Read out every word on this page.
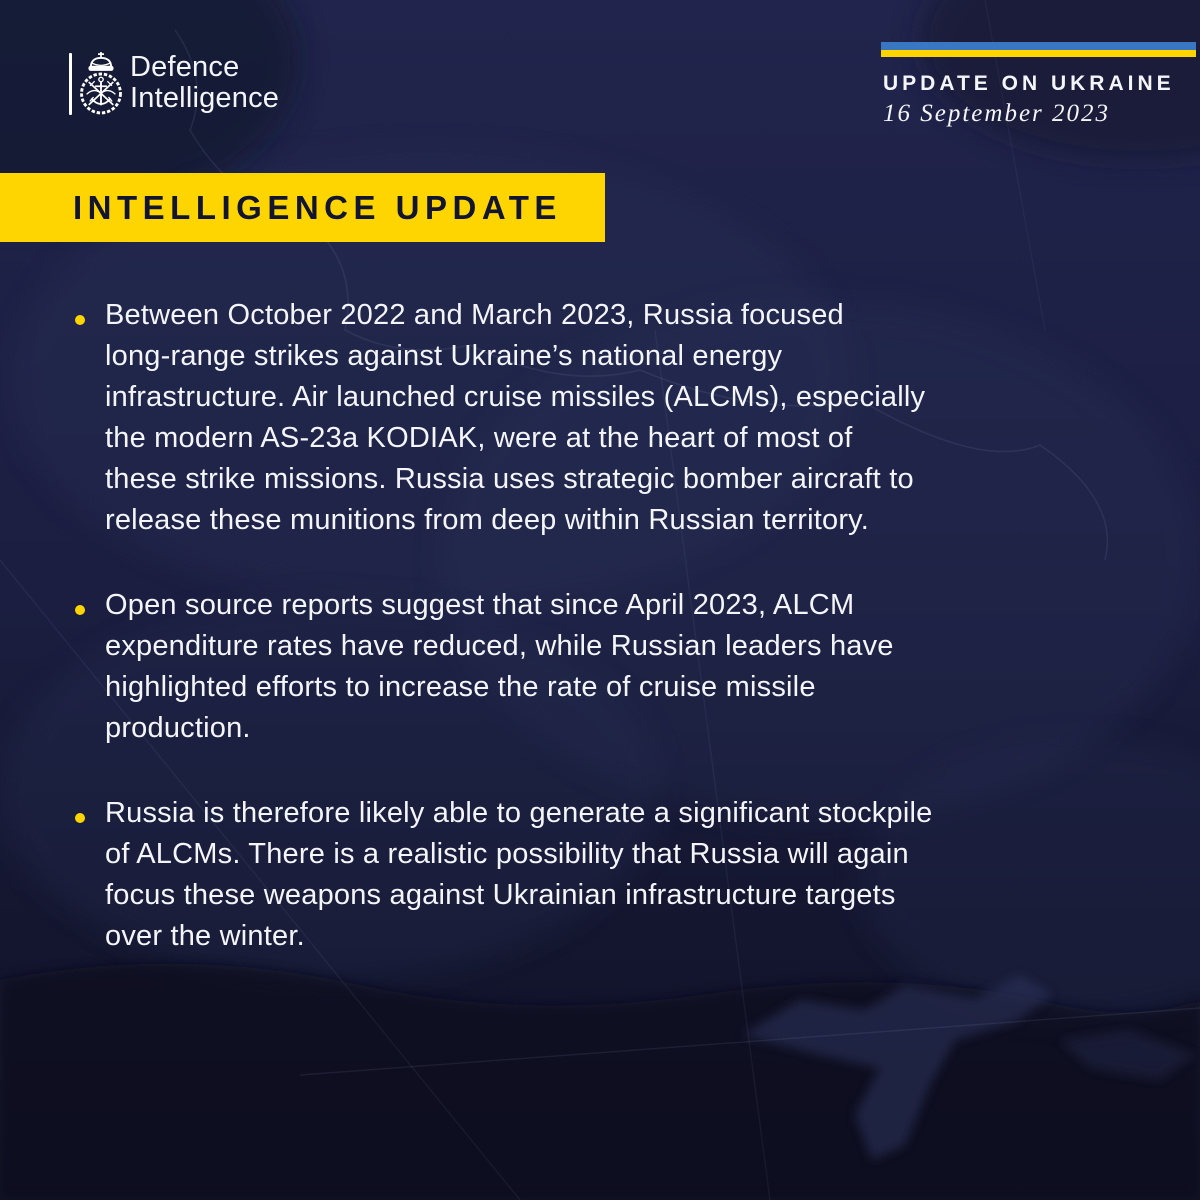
Defence
Intelligence	UPDATE ON UKRAINE
16 September 2023
INTELLIGENCE UPDATE
Between October 2022 and March 2023, Russia focused
long-range strikes against Ukraine’s national energy
infrastructure. Air launched cruise missiles (ALCMs), especially
the modern AS-23a KODIAK, were at the heart of most of
these strike missions. Russia uses strategic bomber aircraft to
release these munitions from deep within Russian territory.
Open source reports suggest that since April 2023, ALCM
expenditure rates have reduced, while Russian leaders have
highlighted efforts to increase the rate of cruise missile
production.
Russia is therefore likely able to generate a significant stockpile
of ALCMs. There is a realistic possibility that Russia will again
focus these weapons against Ukrainian infrastructure targets
over the winter.
